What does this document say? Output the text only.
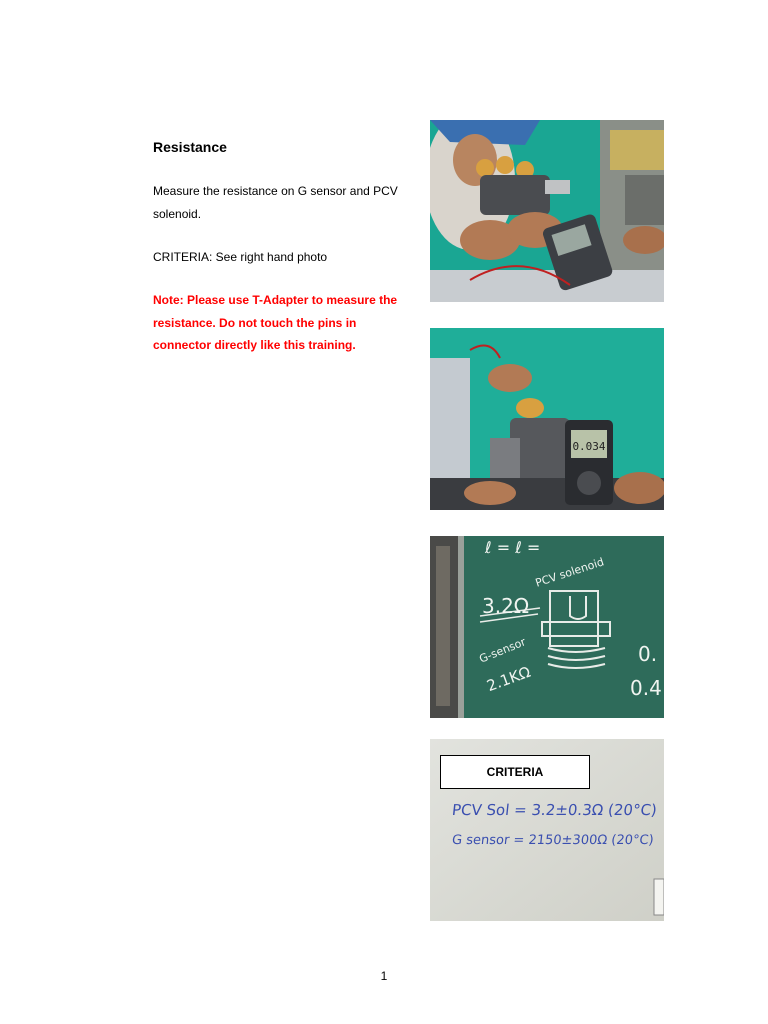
Resistance

Measure the resistance on G sensor and PCV solenoid.

CRITERIA: See right hand photo

Note: Please use T-Adapter to measure the resistance. Do not touch the pins in connector directly like this training.

0.034
ℓ = ℓ =
3.2Ω
PCV solenoid
G-sensor
2.1KΩ
0.
0.4
CRITERIA
PCV Sol = 3.2±0.3Ω (20°C)
G sensor = 2150±300Ω (20°C)

1
